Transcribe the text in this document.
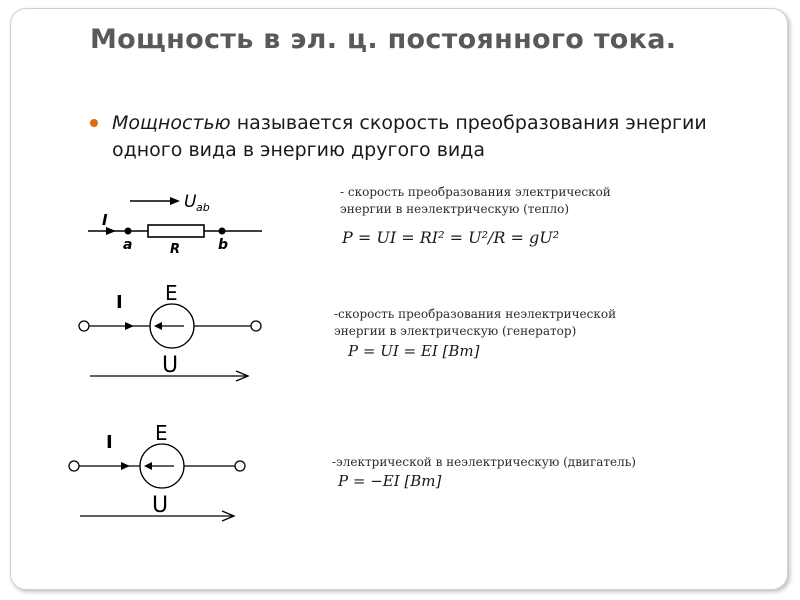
Мощность в эл. ц. постоянного тока.
Мощностью называется скорость преобразования энергии одного вида в энергию другого вида
I
U ab
a	R	b
I E
U
I E
U
- скорость преобразования электрической
энергии в неэлектрическую (тепло)
P = UI = RI² = U²/R = gU²
-скорость преобразования неэлектрической
энергии в электрическую (генератор)
P = UI = EI [Вт]
-электрической в неэлектрическую (двигатель)
P = −EI [Вт]
